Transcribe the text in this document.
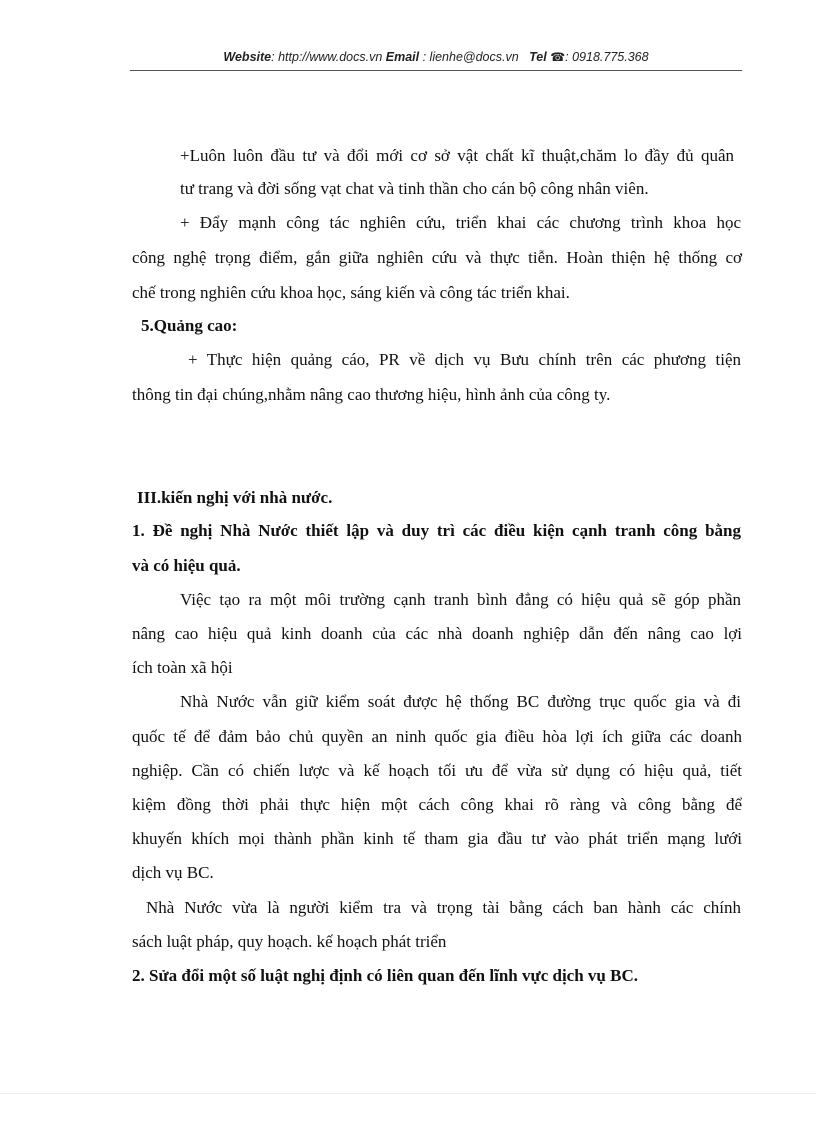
Website: http://www.docs.vn Email : lienhe@docs.vn Tel ☎: 0918.775.368
+Luôn luôn đầu tư và đổi mới cơ sở vật chất kĩ thuật,chăm lo đầy đủ quân
tư trang và đời sống vạt chat và tinh thần cho cán bộ công nhân viên.
+ Đẩy mạnh công tác nghiên cứu, triển khai các chương trình khoa học
công nghệ trọng điểm, gắn giữa nghiên cứu và thực tiễn. Hoàn thiện hệ thống cơ
chế trong nghiên cứu khoa học, sáng kiến và công tác triển khai.
5.Quảng cao:
+ Thực hiện quảng cáo, PR về dịch vụ Bưu chính trên các phương tiện
thông tin đại chúng,nhằm nâng cao thương hiệu, hình ảnh của công ty.
III.kiến nghị với nhà nước.
1. Đề nghị Nhà Nước thiết lập và duy trì các điều kiện cạnh tranh công bằng
và có hiệu quả.
Việc tạo ra một môi trường cạnh tranh bình đẳng có hiệu quả sẽ góp phần
nâng cao hiệu quả kinh doanh của các nhà doanh nghiệp dẫn đến nâng cao lợi
ích toàn xã hội
Nhà Nước vẫn giữ kiểm soát được hệ thống BC đường trục quốc gia và đi
quốc tế để đảm bảo chủ quyền an ninh quốc gia điều hòa lợi ích giữa các doanh
nghiệp. Cần có chiến lược và kế hoạch tối ưu để vừa sử dụng có hiệu quả, tiết
kiệm đồng thời phải thực hiện một cách công khai rõ ràng và công bằng để
khuyến khích mọi thành phần kinh tế tham gia đầu tư vào phát triển mạng lưới
dịch vụ BC.
Nhà Nước vừa là người kiểm tra và trọng tài bằng cách ban hành các chính
sách luật pháp, quy hoạch. kế hoạch phát triển
2. Sửa đổi một số luật nghị định có liên quan đến lĩnh vực dịch vụ BC.
